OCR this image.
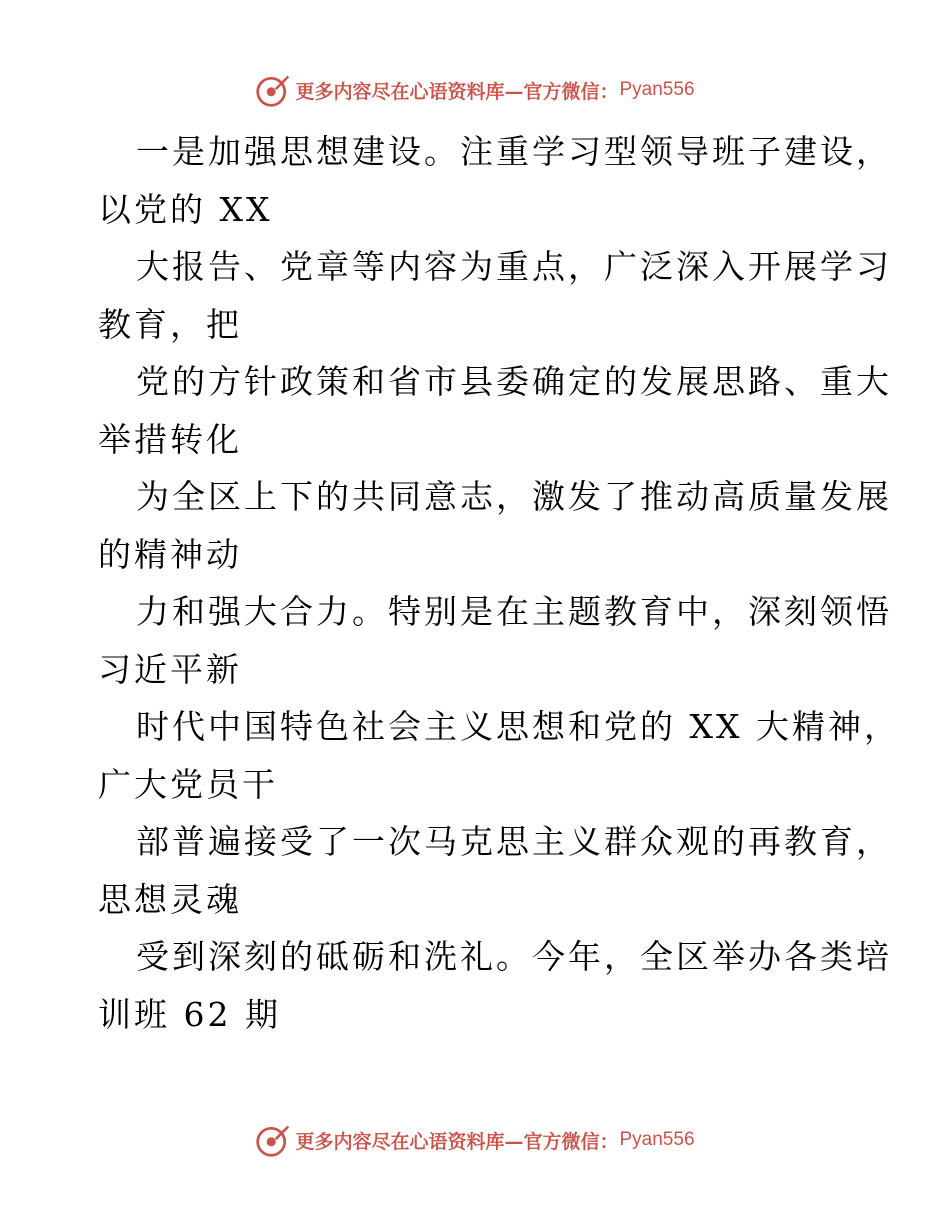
更多内容尽在心语资料库—官方微信： Pyan556
一是加强思想建设。注重学习型领导班子建设，
以党的 XX
大报告、党章等内容为重点，广泛深入开展学习
教育，把
党的方针政策和省市县委确定的发展思路、重大
举措转化
为全区上下的共同意志，激发了推动高质量发展
的精神动
力和强大合力。特别是在主题教育中，深刻领悟
习近平新
时代中国特色社会主义思想和党的 XX 大精神，
广大党员干
部普遍接受了一次马克思主义群众观的再教育，
思想灵魂
受到深刻的砥砺和洗礼。今年，全区举办各类培
训班 62 期
更多内容尽在心语资料库—官方微信： Pyan556
